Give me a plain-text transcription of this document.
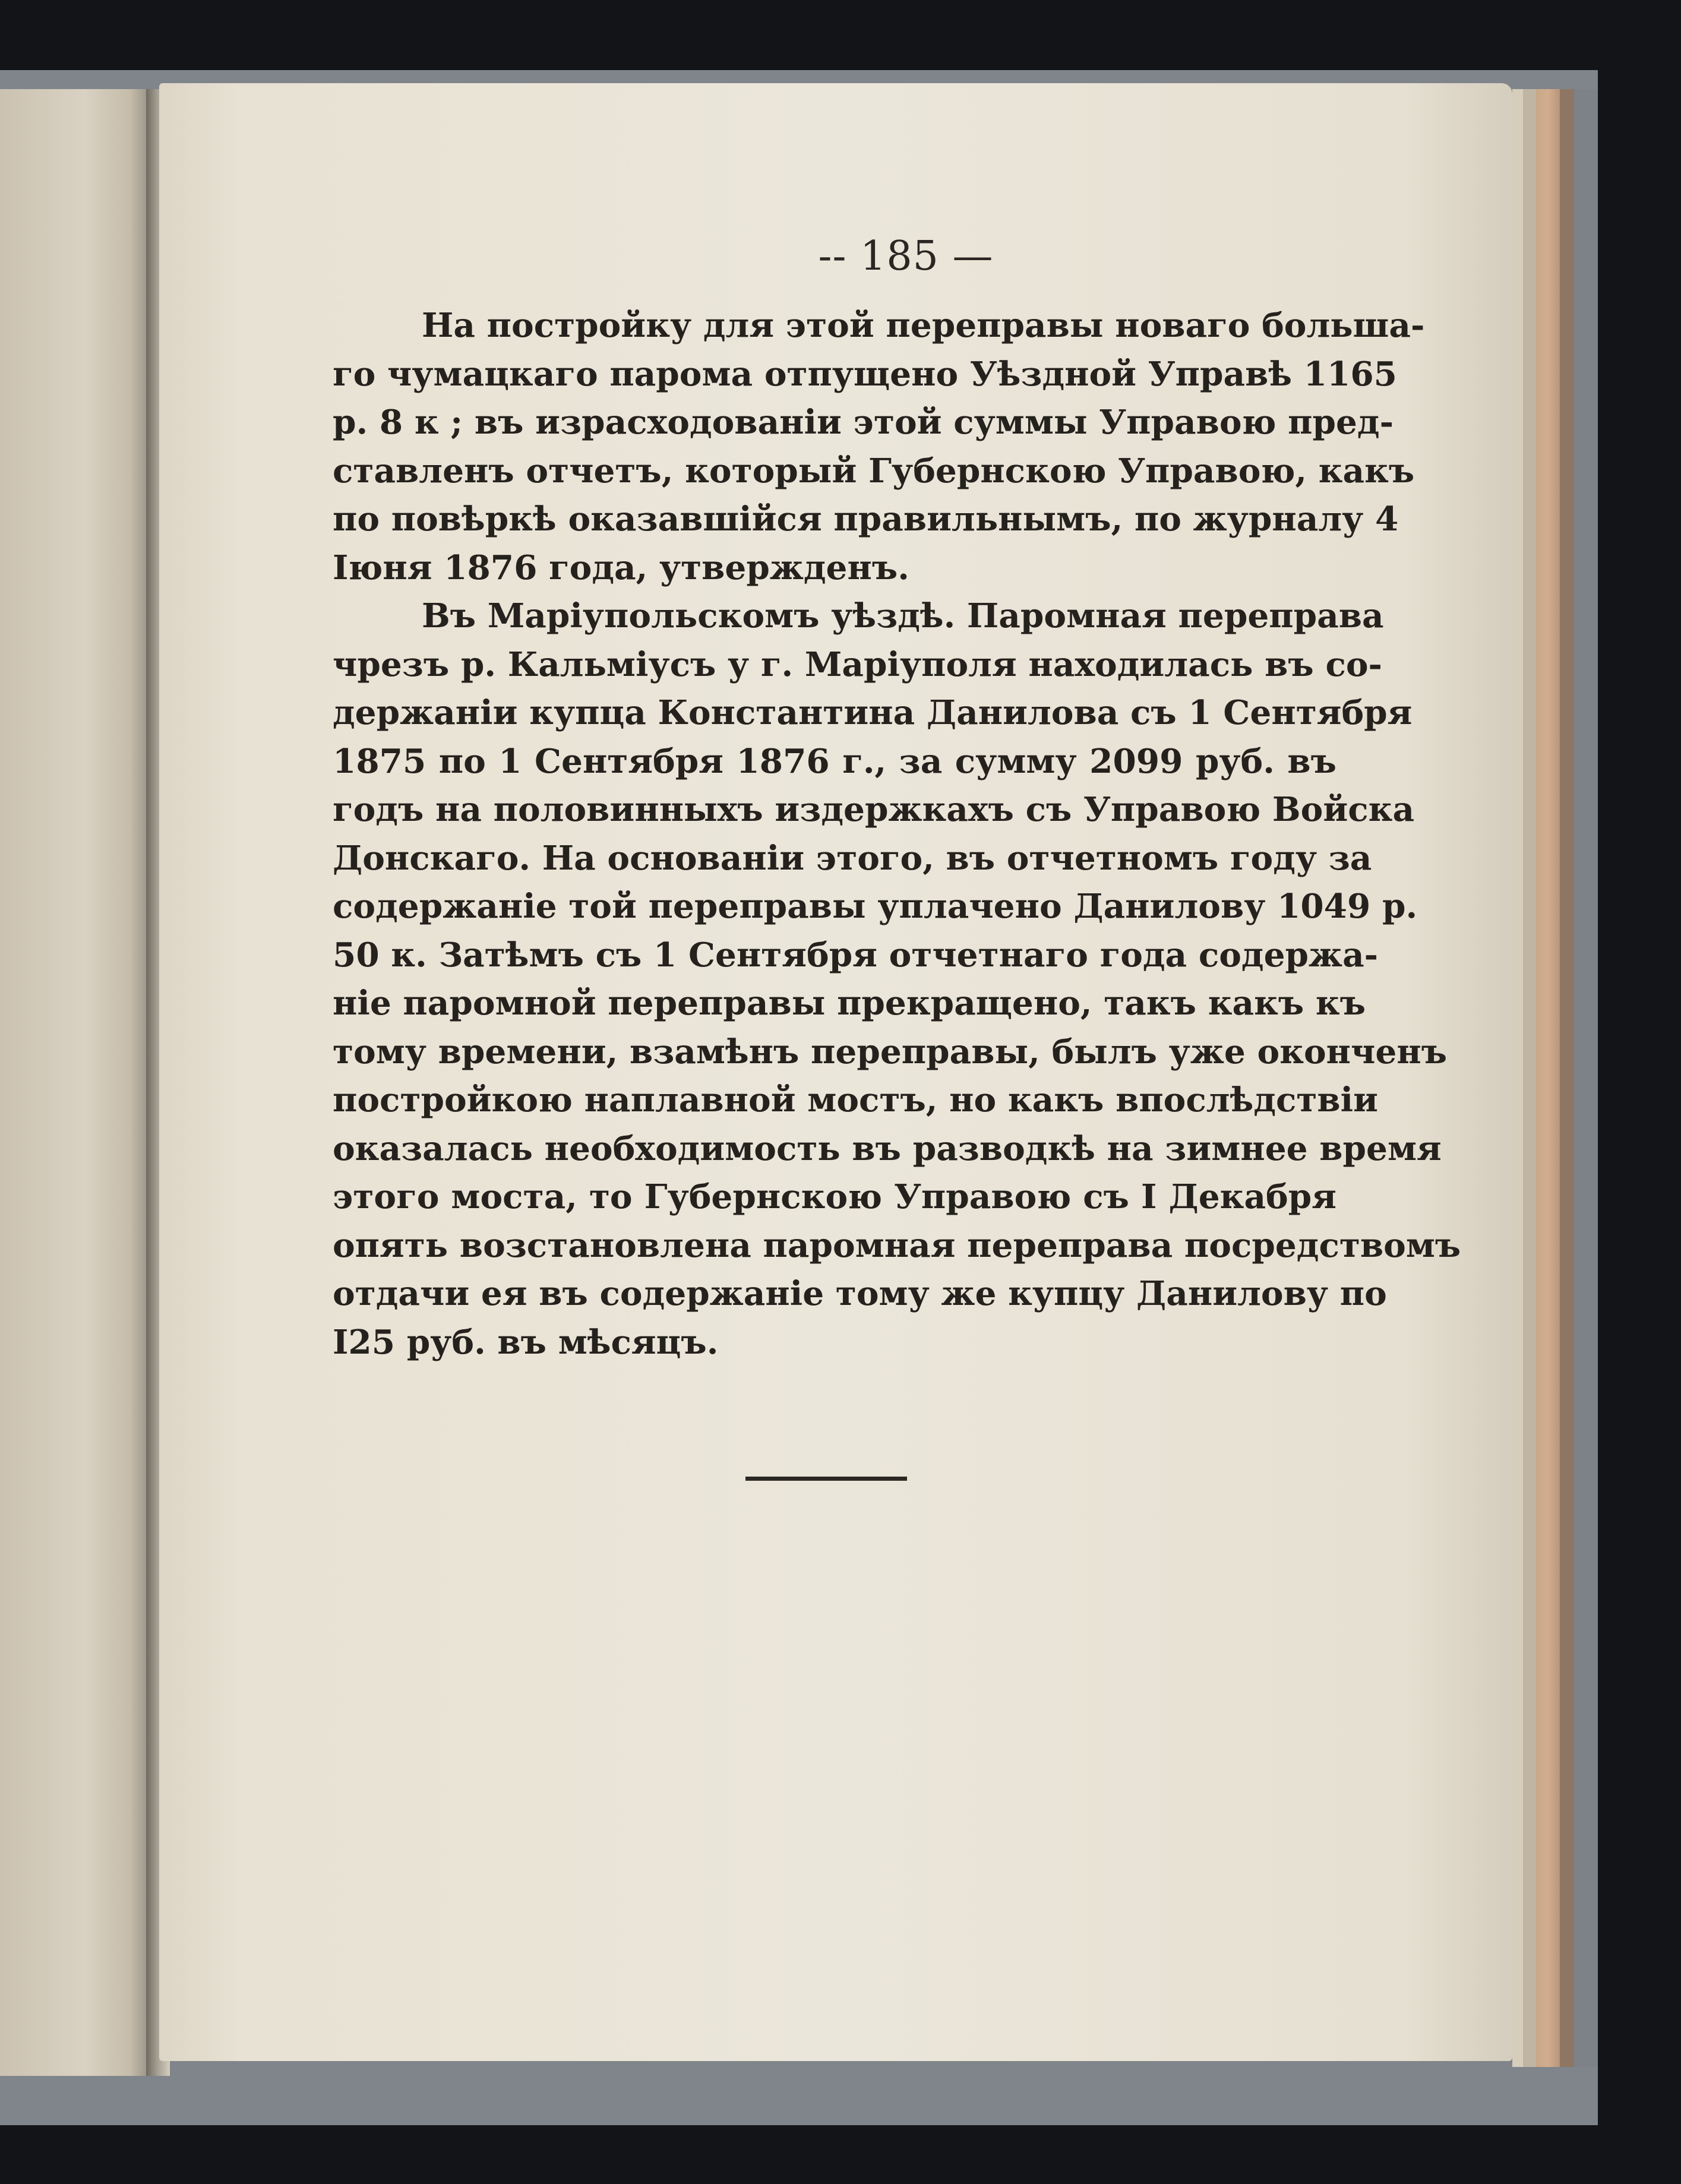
-- 185 —
На постройку для этой переправы новаго большa-
го чумацкаго парома отпущено Уѣздной Управѣ 1165
р. 8 к ; въ израсходованiи этой суммы Управою пред-
ставленъ отчетъ, который Губернскою Управою, какъ
по повѣркѣ оказавшiйся правильнымъ, по журналу 4
Iюня 1876 года, утвержденъ.
Въ Марiупольскомъ уѣздѣ. Паромная переправа
чрезъ р. Кальмiусъ у г. Марiуполя находилась въ со-
держанiи купца Константина Данилова съ 1 Сентября
1875 по 1 Сентября 1876 г., за сумму 2099 руб. въ
годъ на половинныхъ издержкахъ съ Управою Войска
Донскаго. На основанiи этого, въ отчетномъ году за
содержанiе той переправы уплачено Данилову 1049 р.
50 к. Затѣмъ съ 1 Сентября отчетнаго года содержа-
нiе паромной переправы прекращено, такъ какъ къ
тому времени, взамѣнъ переправы, былъ уже оконченъ
постройкою наплавной мостъ, но какъ впослѣдствiи
оказалась необходимость въ разводкѣ на зимнее время
этого моста, то Губернскою Управою съ I Декабря
опять возстановлена паромная переправа посредствомъ
отдачи ея въ содержанiе тому же купцу Данилову по
I25 руб. въ мѣсяцъ.
